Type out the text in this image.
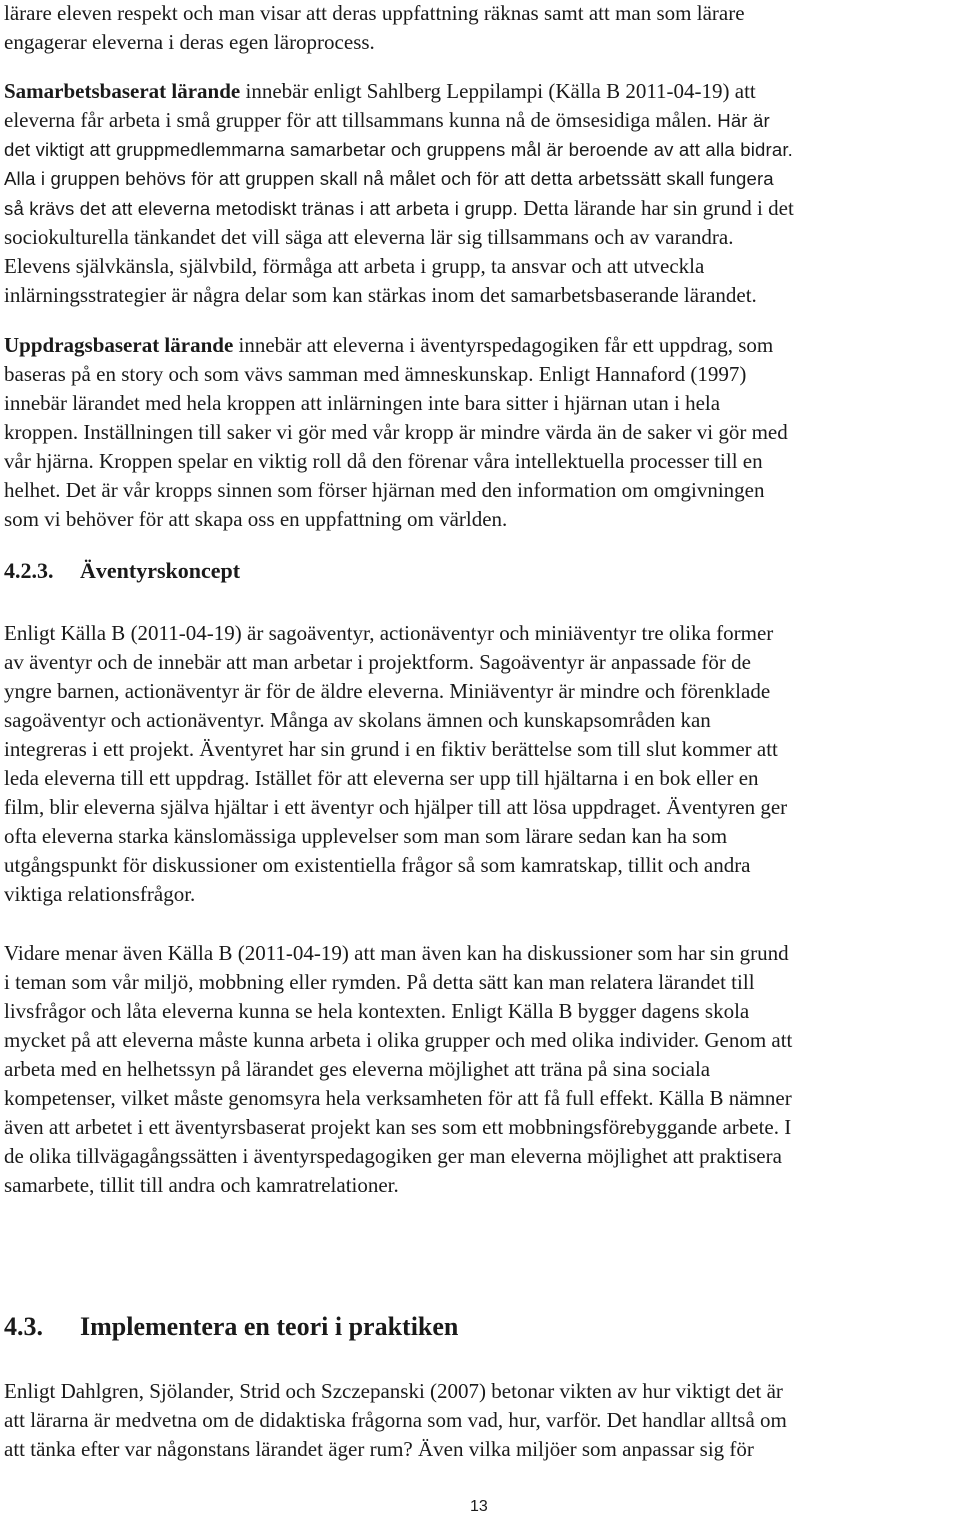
lärare eleven respekt och man visar att deras uppfattning räknas samt att man som lärare
engagerar eleverna i deras egen läroprocess.
Samarbetsbaserat lärande innebär enligt Sahlberg Leppilampi (Källa B 2011-04-19) att
eleverna får arbeta i små grupper för att tillsammans kunna nå de ömsesidiga målen. Här är
det viktigt att gruppmedlemmarna samarbetar och gruppens mål är beroende av att alla bidrar.
Alla i gruppen behövs för att gruppen skall nå målet och för att detta arbetssätt skall fungera
så krävs det att eleverna metodiskt tränas i att arbeta i grupp. Detta lärande har sin grund i det
sociokulturella tänkandet det vill säga att eleverna lär sig tillsammans och av varandra.
Elevens självkänsla, självbild, förmåga att arbeta i grupp, ta ansvar och att utveckla
inlärningsstrategier är några delar som kan stärkas inom det samarbetsbaserande lärandet.
Uppdragsbaserat lärande innebär att eleverna i äventyrspedagogiken får ett uppdrag, som
baseras på en story och som vävs samman med ämneskunskap. Enligt Hannaford (1997)
innebär lärandet med hela kroppen att inlärningen inte bara sitter i hjärnan utan i hela
kroppen. Inställningen till saker vi gör med vår kropp är mindre värda än de saker vi gör med
vår hjärna. Kroppen spelar en viktig roll då den förenar våra intellektuella processer till en
helhet. Det är vår kropps sinnen som förser hjärnan med den information om omgivningen
som vi behöver för att skapa oss en uppfattning om världen.
4.2.3. Äventyrskoncept
Enligt Källa B (2011-04-19) är sagoäventyr, actionäventyr och miniäventyr tre olika former
av äventyr och de innebär att man arbetar i projektform. Sagoäventyr är anpassade för de
yngre barnen, actionäventyr är för de äldre eleverna. Miniäventyr är mindre och förenklade
sagoäventyr och actionäventyr. Många av skolans ämnen och kunskapsområden kan
integreras i ett projekt. Äventyret har sin grund i en fiktiv berättelse som till slut kommer att
leda eleverna till ett uppdrag. Istället för att eleverna ser upp till hjältarna i en bok eller en
film, blir eleverna själva hjältar i ett äventyr och hjälper till att lösa uppdraget. Äventyren ger
ofta eleverna starka känslomässiga upplevelser som man som lärare sedan kan ha som
utgångspunkt för diskussioner om existentiella frågor så som kamratskap, tillit och andra
viktiga relationsfrågor.
Vidare menar även Källa B (2011-04-19) att man även kan ha diskussioner som har sin grund
i teman som vår miljö, mobbning eller rymden. På detta sätt kan man relatera lärandet till
livsfrågor och låta eleverna kunna se hela kontexten. Enligt Källa B bygger dagens skola
mycket på att eleverna måste kunna arbeta i olika grupper och med olika individer. Genom att
arbeta med en helhetssyn på lärandet ges eleverna möjlighet att träna på sina sociala
kompetenser, vilket måste genomsyra hela verksamheten för att få full effekt. Källa B nämner
även att arbetet i ett äventyrsbaserat projekt kan ses som ett mobbningsförebyggande arbete. I
de olika tillvägagångssätten i äventyrspedagogiken ger man eleverna möjlighet att praktisera
samarbete, tillit till andra och kamratrelationer.
4.3. Implementera en teori i praktiken
Enligt Dahlgren, Sjölander, Strid och Szczepanski (2007) betonar vikten av hur viktigt det är
att lärarna är medvetna om de didaktiska frågorna som vad, hur, varför. Det handlar alltså om
att tänka efter var någonstans lärandet äger rum? Även vilka miljöer som anpassar sig för
13
